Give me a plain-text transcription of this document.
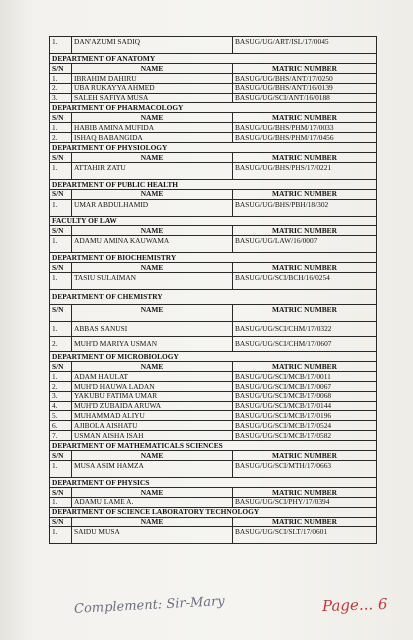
1.	DAN'AZUMI SADIQ	BASUG/UG/ART/ISL/17/0045
DEPARTMENT OF ANATOMY		
S/N	NAME	MATRIC NUMBER
1.	IBRAHIM DAHIRU	BASUG/UG/BHS/ANT/17/0250
2.	UBA RUKAYYA AHMED	BASUG/UG/BHS/ANT/16/0139
3.	SALEH SAFIYA MUSA	BASUG/UG/SCI/ANT/16/0188
DEPARTMENT OF PHARMACOLOGY		
S/N	NAME	MATRIC NUMBER
1.	HABIB AMINA MUFIDA	BASUG/UG/BHS/PHM/17/0033
2.	ISHAQ BABANGIDA	BASUG/UG/BHS/PHM/17/0456
DEPARTMENT OF PHYSIOLOGY		
S/N	NAME	MATRIC NUMBER
1.	ATTAHIR ZATU	BASUG/UG/BHS/PHS/17/0221
DEPARTMENT OF PUBLIC HEALTH		
S/N	NAME	MATRIC NUMBER
1.	UMAR ABDULHAMID	BASUG/UG/BHS/PBH/18/302
FACULTY OF LAW		
S/N	NAME	MATRIC NUMBER
1.	ADAMU AMINA KAUWAMA	BASUG/UG/LAW/16/0007
DEPARTMENT OF BIOCHEMISTRY		
S/N	NAME	MATRIC NUMBER
1.	TASIU SULAIMAN	BASUG/UG/SCI/BCH/16/0254
DEPARTMENT OF CHEMISTRY		
S/N	NAME	MATRIC NUMBER
1.	ABBAS SANUSI	BASUG/UG/SCI/CHM/17/0322
2.	MUH'D MARIYA USMAN	BASUG/UG/SCI/CHM/17/0607
DEPARTMENT OF MICROBIOLOGY		
S/N	NAME	MATRIC NUMBER
1.	ADAM HAULAT	BASUG/UG/SCI/MCB/17/0011
2.	MUH'D HAUWA LADAN	BASUG/UG/SCI/MCB/17/0067
3.	YAKUBU FATIMA UMAR	BASUG/UG/SCI/MCB/17/0068
4.	MUH'D ZUBAIDA ARUWA	BASUG/UG/SCI/MCB/17/0144
5.	MUHAMMAD ALIYU	BASUG/UG/SCI/MCB/17/0196
6.	AJIBOLA AISHATU	BASUG/UG/SCI/MCB/17/0524
7.	USMAN AISHA ISAH	BASUG/UG/SCI/MCB/17/0582
DEPARTMENT OF MATHEMATICALS SCIENCES		
S/N	NAME	MATRIC NUMBER
1.	MUSA ASIM HAMZA	BASUG/UG/SCI/MTH/17/0663
DEPARTMENT OF PHYSICS		
S/N	NAME	MATRIC NUMBER
1.	ADAMU LAME A.	BASUG/UG/SCI/PHY/17/0394
DEPARTMENT OF SCIENCE LABORATORY TECHNOLOGY		
S/N	NAME	MATRIC NUMBER
1.	SAIDU MUSA	BASUG/UG/SCI/SLT/17/0601
Complement: Sir-Mary	Page... 6
